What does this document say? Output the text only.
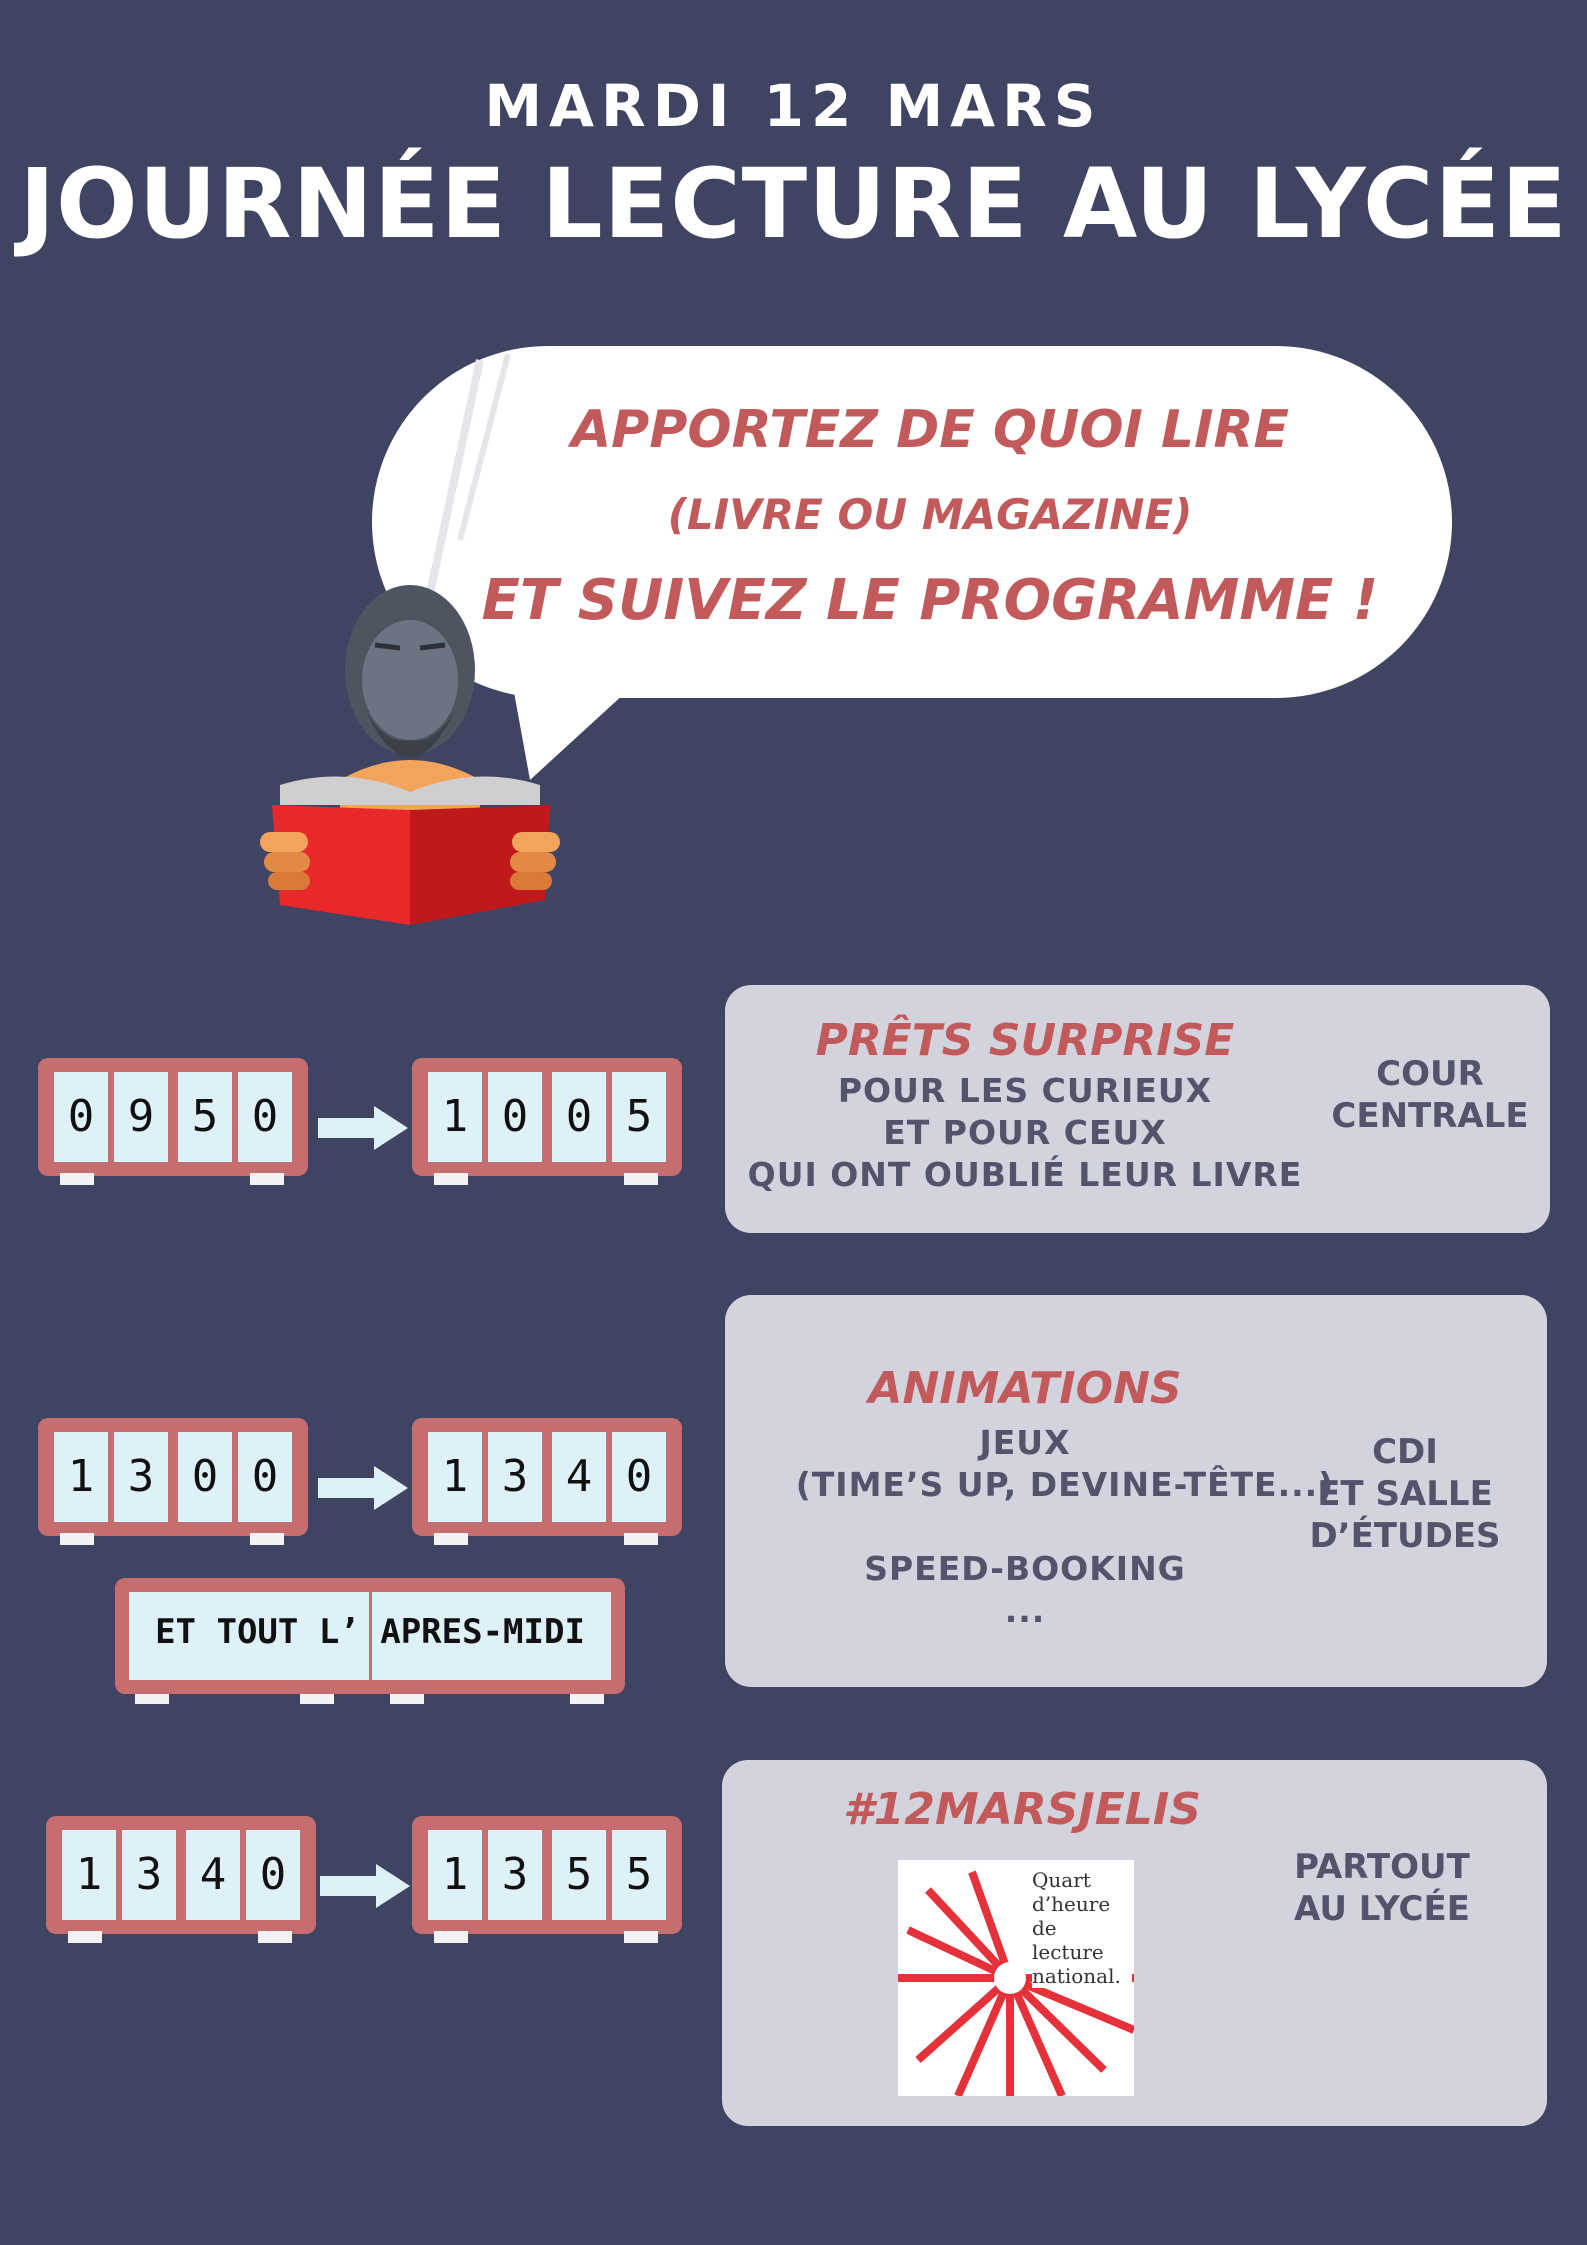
MARDI 12 MARS
JOURNÉE LECTURE AU LYCÉE
APPORTEZ DE QUOI LIRE
(LIVRE OU MAGAZINE)
ET SUIVEZ LE PROGRAMME !
0 9 5 0	1 0 0 5
PRÊTS SURPRISE
POUR LES CURIEUX
ET POUR CEUX
QUI ONT OUBLIÉ LEUR LIVRE
COUR
CENTRALE
1 3 0 0	1 3 4 0
ET TOUT L’ APRES-MIDI
ANIMATIONS
JEUX
(TIME’S UP, DEVINE-TÊTE...)
SPEED-BOOKING
...
CDI
ET SALLE
D’ÉTUDES
1 3 4 0	1 3 5 5
#12MARSJELIS
Quart
d’heure
de lecture
national.
PARTOUT
AU LYCÉE
